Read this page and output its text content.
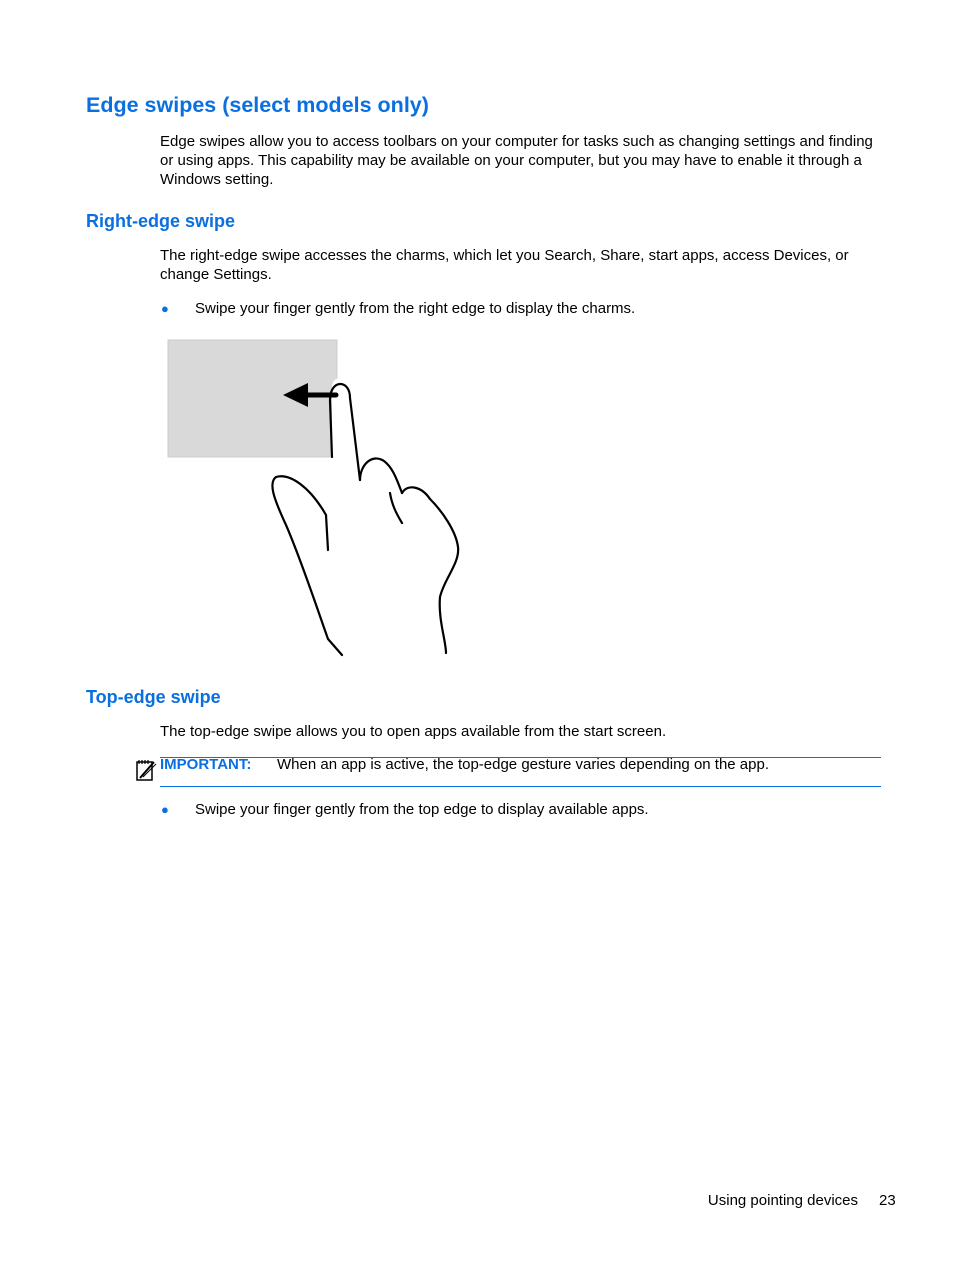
Edge swipes (select models only)

Edge swipes allow you to access toolbars on your computer for tasks such as changing settings and finding or using apps. This capability may be available on your computer, but you may have to enable it through a Windows setting.

Right-edge swipe

The right-edge swipe accesses the charms, which let you Search, Share, start apps, access Devices, or change Settings.

● Swipe your finger gently from the right edge to display the charms.
Top-edge swipe

The top-edge swipe allows you to open apps available from the start screen.

IMPORTANT: When an app is active, the top-edge gesture varies depending on the app.
● Swipe your finger gently from the top edge to display available apps.
Using pointing devices 23
